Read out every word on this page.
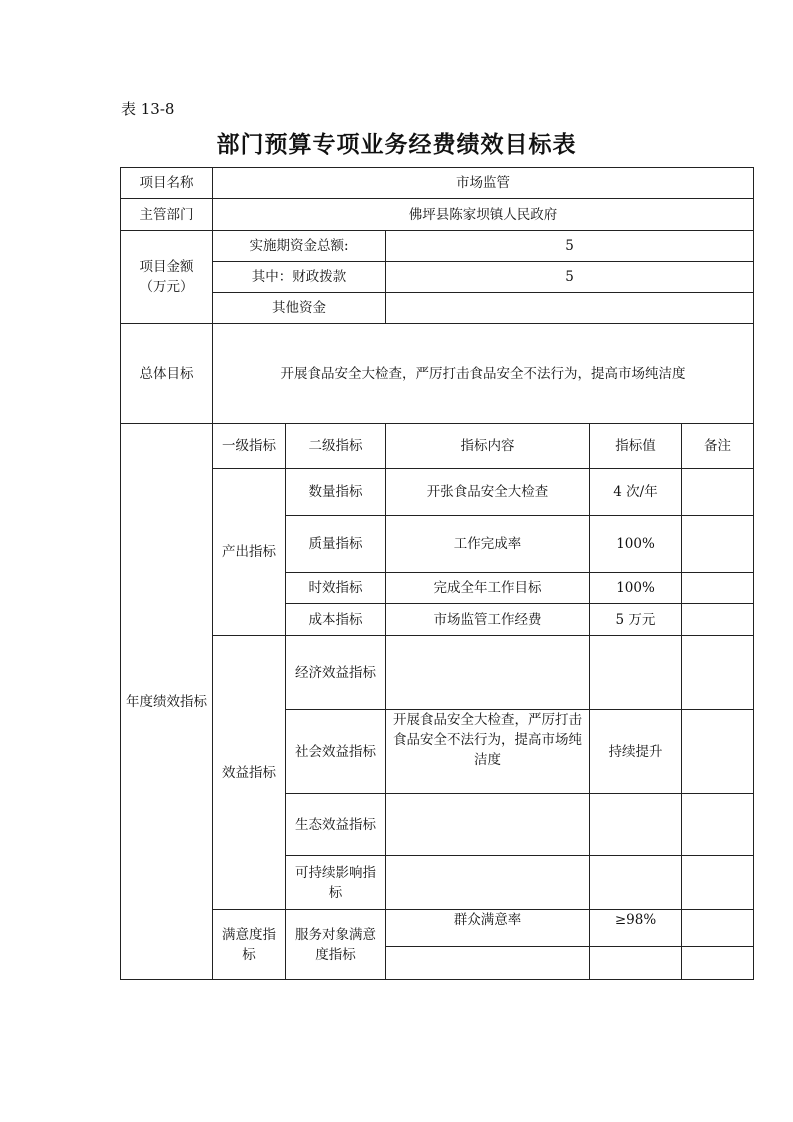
表 13-8
部门预算专项业务经费绩效目标表
项目名称	市场监管				
主管部门	佛坪县陈家坝镇人民政府				

项目金额
（万元）	实施期资金总额:		5		
	其中：财政拨款		5		
	其他资金				
总体目标	开展食品安全大检查，严厉打击食品安全不法行为，提高市场纯洁度				
年度绩效指标	一级指标	二级指标	指标内容	指标值	备注
	产出指标	数量指标	开张食品安全大检查	4 次/年	
		质量指标	工作完成率	100%	
		时效指标	完成全年工作目标	100%	
		成本指标	市场监管工作经费	5 万元	
	效益指标	经济效益指标			
		社会效益指标	开展食品安全大检查，严厉打击食品安全不法行为，提高市场纯洁度	持续提升	
		生态效益指标			
		可持续影响指标			
	满意度指标	服务对象满意度指标	群众满意率	≥98%	
